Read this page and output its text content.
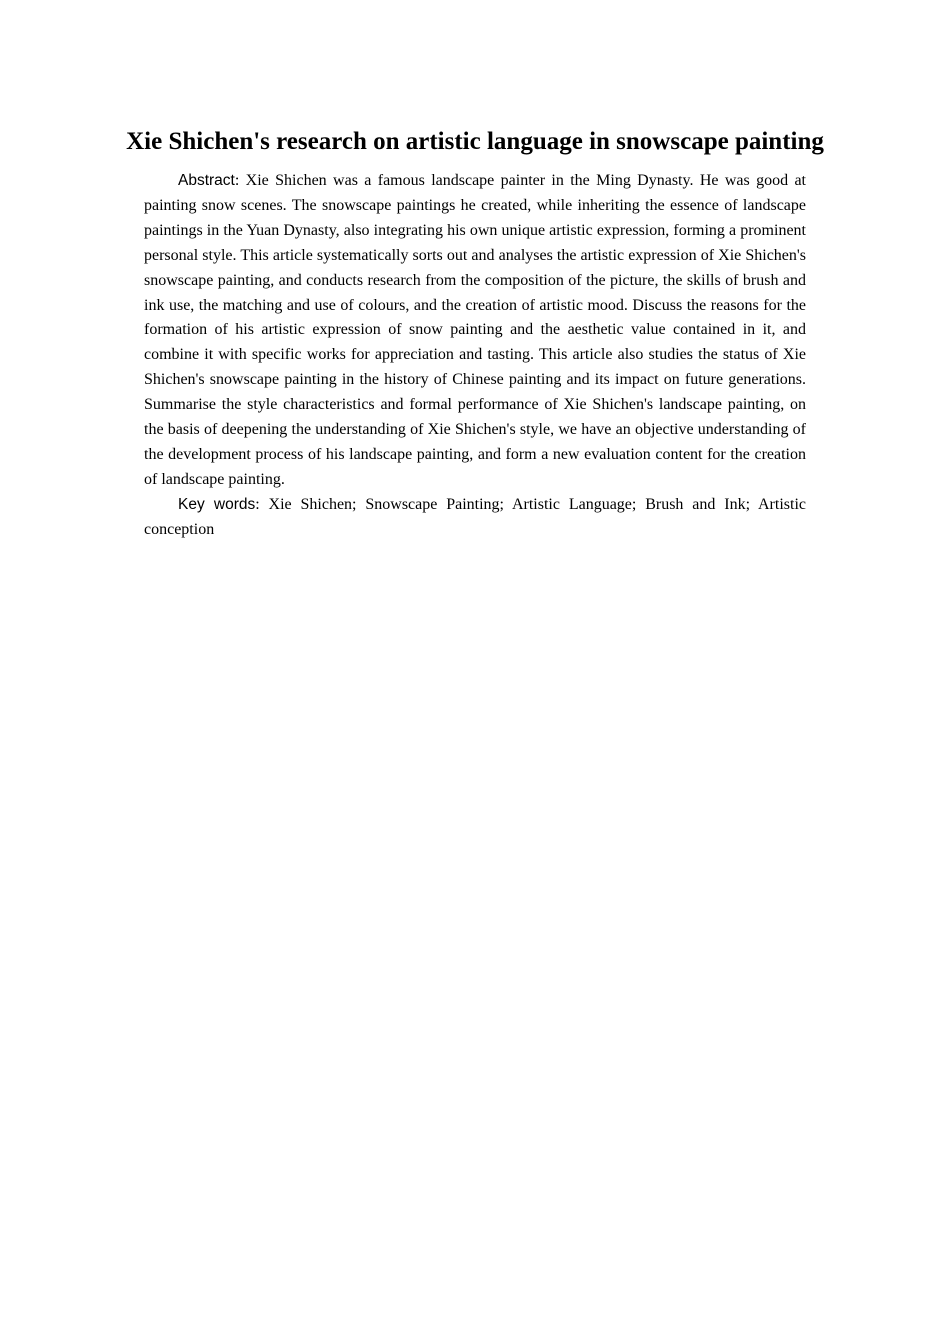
Xie Shichen's research on artistic language in snowscape painting

Abstract: Xie Shichen was a famous landscape painter in the Ming Dynasty. He was good at painting snow scenes. The snowscape paintings he created, while inheriting the essence of landscape paintings in the Yuan Dynasty, also integrating his own unique artistic expression, forming a prominent personal style. This article systematically sorts out and analyses the artistic expression of Xie Shichen's snowscape painting, and conducts research from the composition of the picture, the skills of brush and ink use, the matching and use of colours, and the creation of artistic mood. Discuss the reasons for the formation of his artistic expression of snow painting and the aesthetic value contained in it, and combine it with specific works for appreciation and tasting. This article also studies the status of Xie Shichen's snowscape painting in the history of Chinese painting and its impact on future generations. Summarise the style characteristics and formal performance of Xie Shichen's landscape painting, on the basis of deepening the understanding of Xie Shichen's style, we have an objective understanding of the development process of his landscape painting, and form a new evaluation content for the creation of landscape painting.

Key words: Xie Shichen; Snowscape Painting; Artistic Language; Brush and Ink; Artistic conception
